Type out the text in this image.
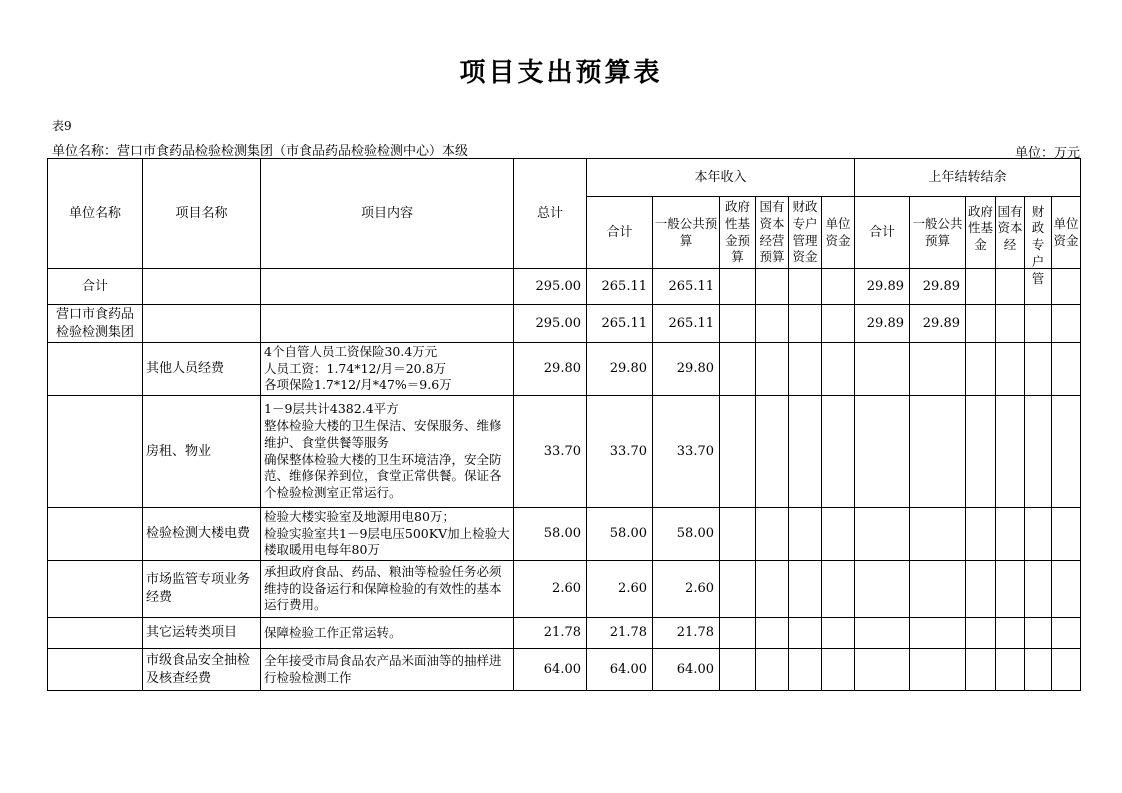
项目支出预算表
表9
单位名称：营口市食药品检验检测集团（市食品药品检验检测中心）本级	单位：万元
单位名称	项目名称	项目内容	总计	本年收入						上年结转结余					
				合计	一般公共预算	政府性基金预算	国有资本经营预算	财政专户管理资金	单位资金	合计	一般公共预算	政府性基金	国有资本经	财政专户管	单位资金
合计			295.00	265.11	265.11					29.89	29.89				
营口市食药品检验检测集团			295.00	265.11	265.11					29.89	29.89				
	其他人员经费	4个自管人员工资保险30.4万元
人员工资：1.74*12/月＝20.8万
各项保险1.7*12/月*47%＝9.6万	29.80	29.80	29.80										
	房租、物业	1－9层共计4382.4平方
整体检验大楼的卫生保洁、安保服务、维修维护、食堂供餐等服务
确保整体检验大楼的卫生环境洁净，安全防范、维修保养到位，食堂正常供餐。保证各个检验检测室正常运行。	33.70	33.70	33.70										
	检验检测大楼电费	检验大楼实验室及地源用电80万；
检验实验室共1－9层电压500KV加上检验大楼取暖用电每年80万	58.00	58.00	58.00										
	市场监管专项业务经费	承担政府食品、药品、粮油等检验任务必须维持的设备运行和保障检验的有效性的基本运行费用。	2.60	2.60	2.60										
	其它运转类项目	保障检验工作正常运转。	21.78	21.78	21.78										
	市级食品安全抽检及核查经费	全年接受市局食品农产品米面油等的抽样进行检验检测工作	64.00	64.00	64.00										
